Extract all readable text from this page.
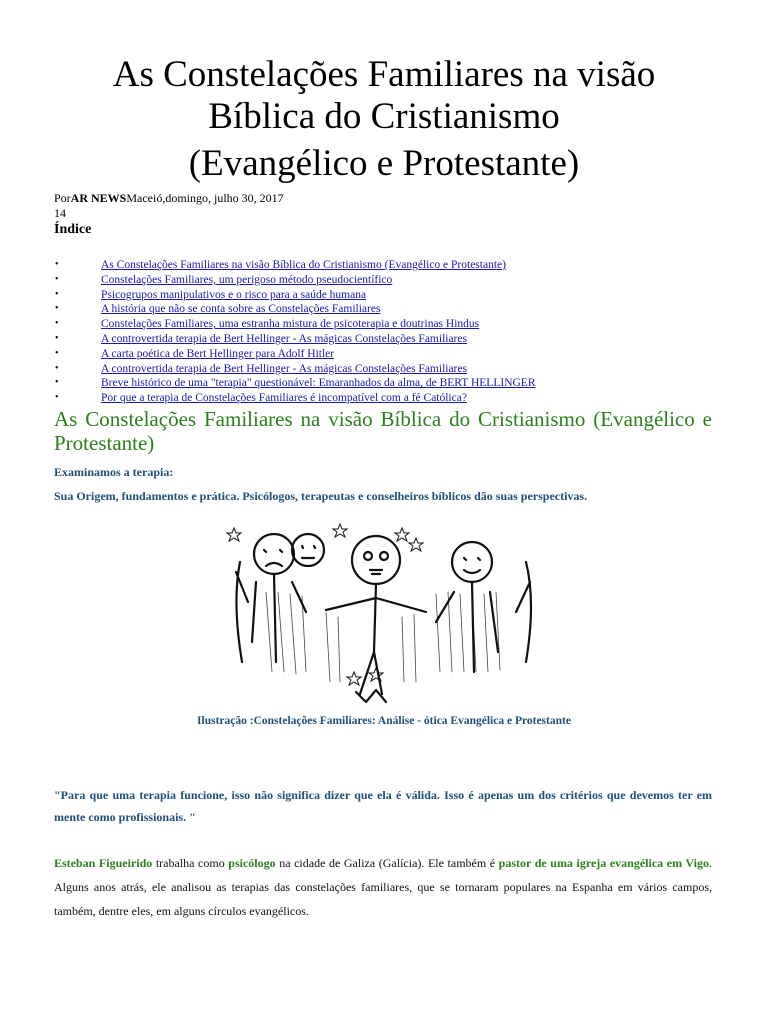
As Constelações Familiares na visão
Bíblica do Cristianismo
(Evangélico e Protestante)
PorAR NEWSMaceió,domingo, julho 30, 2017
14
Índice
•	As Constelações Familiares na visão Bíblica do Cristianismo (Evangélico e Protestante)
•	Constelações Familiares, um perigoso método pseudocientífico
•	Psicogrupos manipulativos e o risco para a saúde humana
•	A história que não se conta sobre as Constelações Familiares
•	Constelações Familiares, uma estranha mistura de psicoterapia e doutrinas Hindus
•	A controvertida terapia de Bert Hellinger - As mágicas Constelações Familiares
•	A carta poética de Bert Hellinger para Adolf Hitler
•	A controvertida terapia de Bert Hellinger - As mágicas Constelações Familiares
•	Breve histórico de uma "terapia" questionável: Emaranhados da alma, de BERT HELLINGER
•	Por que a terapia de Constelações Familiares é incompatível com a fé Católica?
As Constelações Familiares na visão Bíblica do Cristianismo (Evangélico e Protestante)
Examinamos a terapia:
Sua Origem, fundamentos e prática. Psicólogos, terapeutas e conselheiros bíblicos dão suas perspectivas.
Ilustração :Constelações Familiares: Análise - ótica Evangélica e Protestante
"Para que uma terapia funcione, isso não significa dizer que ela é válida. Isso é apenas um dos critérios que devemos ter em mente como profissionais. "
Esteban Figueirido trabalha como psicólogo na cidade de Galiza (Galícia). Ele também é pastor de uma igreja evangélica em Vigo. Alguns anos atrás, ele analisou as terapias das constelações familiares, que se tornaram populares na Espanha em vários campos, também, dentre eles, em alguns círculos evangélicos.
